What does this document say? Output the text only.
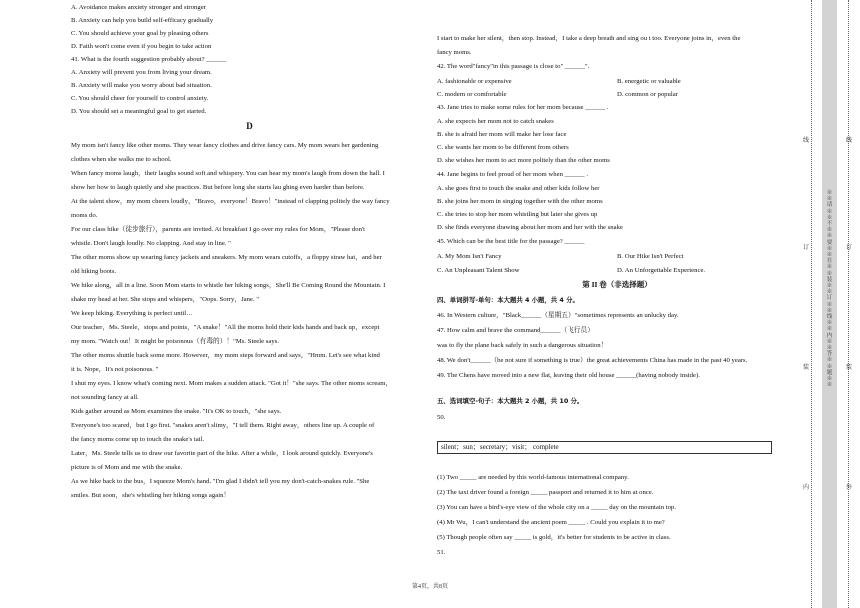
A. Avoidance makes anxiety stronger and stronger
B. Anxiety can help you build self-efficacy gradually
C. You should achieve your goal by pleasing others
D. Faith won't come even if you begin to take action
41. What is the fourth suggestion probably about? ______
A. Anxiety will prevent you from living your dream.
B. Anxiety will make you worry about bad situation.
C. You should cheer for yourself to control anxiety.
D. You should set a meaningful goal to get started.
D
My mom isn't fancy like other moms. They wear fancy clothes and drive fancy cars. My mom wears her gardening
clothes when she walks me to school.
When fancy moms laugh，their laughs sound soft and whispery. You can hear my mom's laugh from down the hall. I
show her how to laugh quietly and she practices. But before long she starts lau ghing even harder than before.
At the talent show，my mom cheers loudly，"Bravo，everyone！Bravo！"instead of clapping politely the way fancy
moms do.
For our class hike（徒步旅行），parents are invited. At breakfast I go over my rules for Mom，"Please don't
whistle. Don't laugh loudly. No clapping. And stay in line. "
The other moms show up wearing fancy jackets and sneakers. My mom wears cutoffs，a floppy straw hat，and her
old hiking boots.
We hike along，all in a line. Soon Mom starts to whistle her hiking songs，She'll Be Coming Round the Mountain. I
shake my head at her. She stops and whispers，"Oops. Sorry，Jane. "
We keep hiking. Everything is perfect until…
Our teacher，Ms. Steele，stops and points，"A snake！"All the moms hold their kids hands and back up，except
my mom. "Watch out！It might be poisonous（有毒的）！"Ms. Steele says.
The other moms shuttle back some more. However，my mom steps forward and says，"Hmm. Let's see what kind
it is. Nope，It's not poisonous. "
I shut my eyes. I know what's coming next. Mom makes a sudden attack. "Got it！"she says. The other moms scream，
not sounding fancy at all.
Kids gather around as Mom examines the snake. "It's OK to touch，"she says.
Everyone's too scared，but I go first. "snakes aren't slimy，"I tell them. Right away，others line up. A couple of
the fancy moms come up to touch the snake's tail.
Later，Ms. Steele tells us to draw our favorite part of the hike. After a while，I look around quickly. Everyone's
picture is of Mom and me with the snake.
As we hike back to the bus，I squeeze Mom's hand. "I'm glad I didn't tell you my don't-catch-snakes rule. "She
smiles. But soon，she's whistling her hiking songs again！
I start to make her silent，then stop. Instead，I take a deep breath and sing ou t too. Everyone joins in，even the
fancy moms.
42. The word"fancy"in this passage is close to" ______".
A. fashionable or expensive	B. energetic or valuable
C. modern or comfortable	D. common or popular
43. Jane tries to make some rules for her mom because ______ .
A. she expects her mom not to catch snakes
B. she is afraid her mom will make her lose face
C. she wants her mom to be different from others
D. she wishes her mom to act more politely than the other moms
44. Jane begins to feel proud of her mom when ______ .
A. she goes first to touch the snake and other kids follow her
B. she joins her mom in singing together with the other moms
C. she tries to stop her mom whistling but later she gives up
D. she finds everyone drawing about her mom and her with the snake
45. Which can be the best title for the passage? ______
A. My Mom Isn't Fancy	B. Our Hike Isn't Perfect
C. An Unpleasant Talent Show	D. An Unforgettable Experience.
第 II 卷（非选择题）
四、单词拼写-单句：本大题共 4 小题，共 4 分。
46. In Western culture，"Black______（星期五）"sometimes represents an unlucky day.
47. How calm and brave the command______（飞行员）
was to fly the plane back safely in such a dangerous situation！
48. We don't______（be not sure if something is true）the great achievements China has made in the past 40 years.
49. The Chens have moved into a new flat, leaving their old house ______(having nobody inside).
五、选词填空-句子：本大题共 2 小题，共 10 分。
50.
silent；sun；secretary；visit； complete
(1) Two _____ are needed by this world-famous international company.
(2) The taxi driver found a foreign _____ passport and returned it to him at once.
(3) You can have a bird's-eye view of the whole city on a _____ day on the mountain top.
(4) Mr Wu，I can't understand the ancient poem _____ . Could you explain it to me?
(5) Though people often say _____ is gold，it's better for students to be active in class.
51.
第4页，共8页
※※请※※不※※要※※在※※装※※订※※线※※内※※答※※题※※
线
订
装
内
线
订
装
外
